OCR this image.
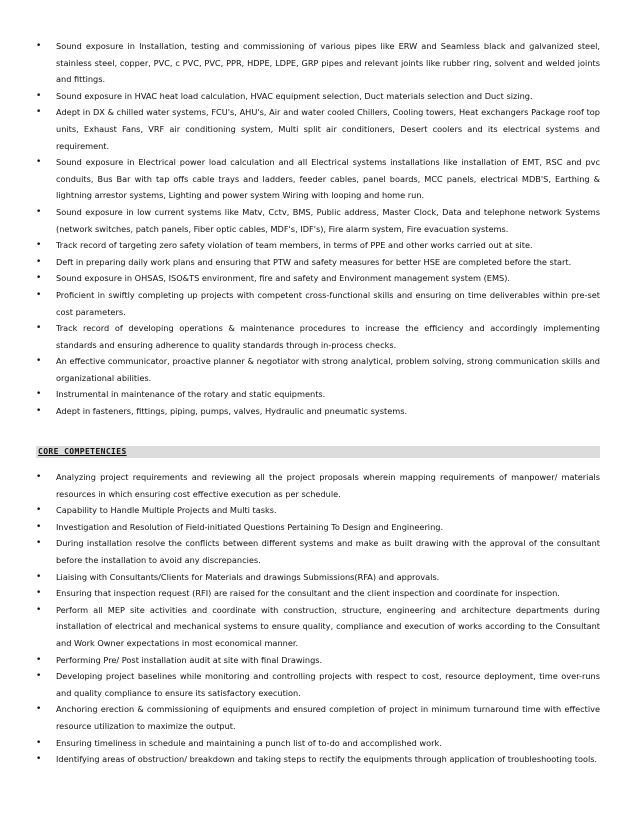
• Sound exposure in Installation, testing and commissioning of various pipes like ERW and Seamless black and galvanized steel, stainless steel, copper, PVC, c PVC, PVC, PPR, HDPE, LDPE, GRP pipes and relevant joints like rubber ring, solvent and welded joints and fittings.
• Sound exposure in HVAC heat load calculation, HVAC equipment selection, Duct materials selection and Duct sizing.
• Adept in DX & chilled water systems, FCU's, AHU's, Air and water cooled Chillers, Cooling towers, Heat exchangers Package roof top units, Exhaust Fans, VRF air conditioning system, Multi split air conditioners, Desert coolers and its electrical systems and requirement.
• Sound exposure in Electrical power load calculation and all Electrical systems installations like installation of EMT, RSC and pvc conduits, Bus Bar with tap offs cable trays and ladders, feeder cables, panel boards, MCC panels, electrical MDB'S, Earthing & lightning arrestor systems, Lighting and power system Wiring with looping and home run.
• Sound exposure in low current systems like Matv, Cctv, BMS, Public address, Master Clock, Data and telephone network Systems (network switches, patch panels, Fiber optic cables, MDF's, IDF's), Fire alarm system, Fire evacuation systems.
• Track record of targeting zero safety violation of team members, in terms of PPE and other works carried out at site.
• Deft in preparing daily work plans and ensuring that PTW and safety measures for better HSE are completed before the start.
• Sound exposure in OHSAS, ISO&TS environment, fire and safety and Environment management system (EMS).
• Proficient in swiftly completing up projects with competent cross-functional skills and ensuring on time deliverables within pre-set cost parameters.
• Track record of developing operations & maintenance procedures to increase the efficiency and accordingly implementing standards and ensuring adherence to quality standards through in-process checks.
• An effective communicator, proactive planner & negotiator with strong analytical, problem solving, strong communication skills and organizational abilities.
• Instrumental in maintenance of the rotary and static equipments.
• Adept in fasteners, fittings, piping, pumps, valves, Hydraulic and pneumatic systems.
CORE COMPETENCIES
• Analyzing project requirements and reviewing all the project proposals wherein mapping requirements of manpower/ materials resources in which ensuring cost effective execution as per schedule.
• Capability to Handle Multiple Projects and Multi tasks.
• Investigation and Resolution of Field-initiated Questions Pertaining To Design and Engineering.
• During installation resolve the conflicts between different systems and make as built drawing with the approval of the consultant before the installation to avoid any discrepancies.
• Liaising with Consultants/Clients for Materials and drawings Submissions(RFA) and approvals.
• Ensuring that inspection request (RFI) are raised for the consultant and the client inspection and coordinate for inspection.
• Perform all MEP site activities and coordinate with construction, structure, engineering and architecture departments during installation of electrical and mechanical systems to ensure quality, compliance and execution of works according to the Consultant and Work Owner expectations in most economical manner.
• Performing Pre/ Post installation audit at site with final Drawings.
• Developing project baselines while monitoring and controlling projects with respect to cost, resource deployment, time over-runs and quality compliance to ensure its satisfactory execution.
• Anchoring erection & commissioning of equipments and ensured completion of project in minimum turnaround time with effective resource utilization to maximize the output.
• Ensuring timeliness in schedule and maintaining a punch list of to-do and accomplished work.
• Identifying areas of obstruction/ breakdown and taking steps to rectify the equipments through application of troubleshooting tools.
